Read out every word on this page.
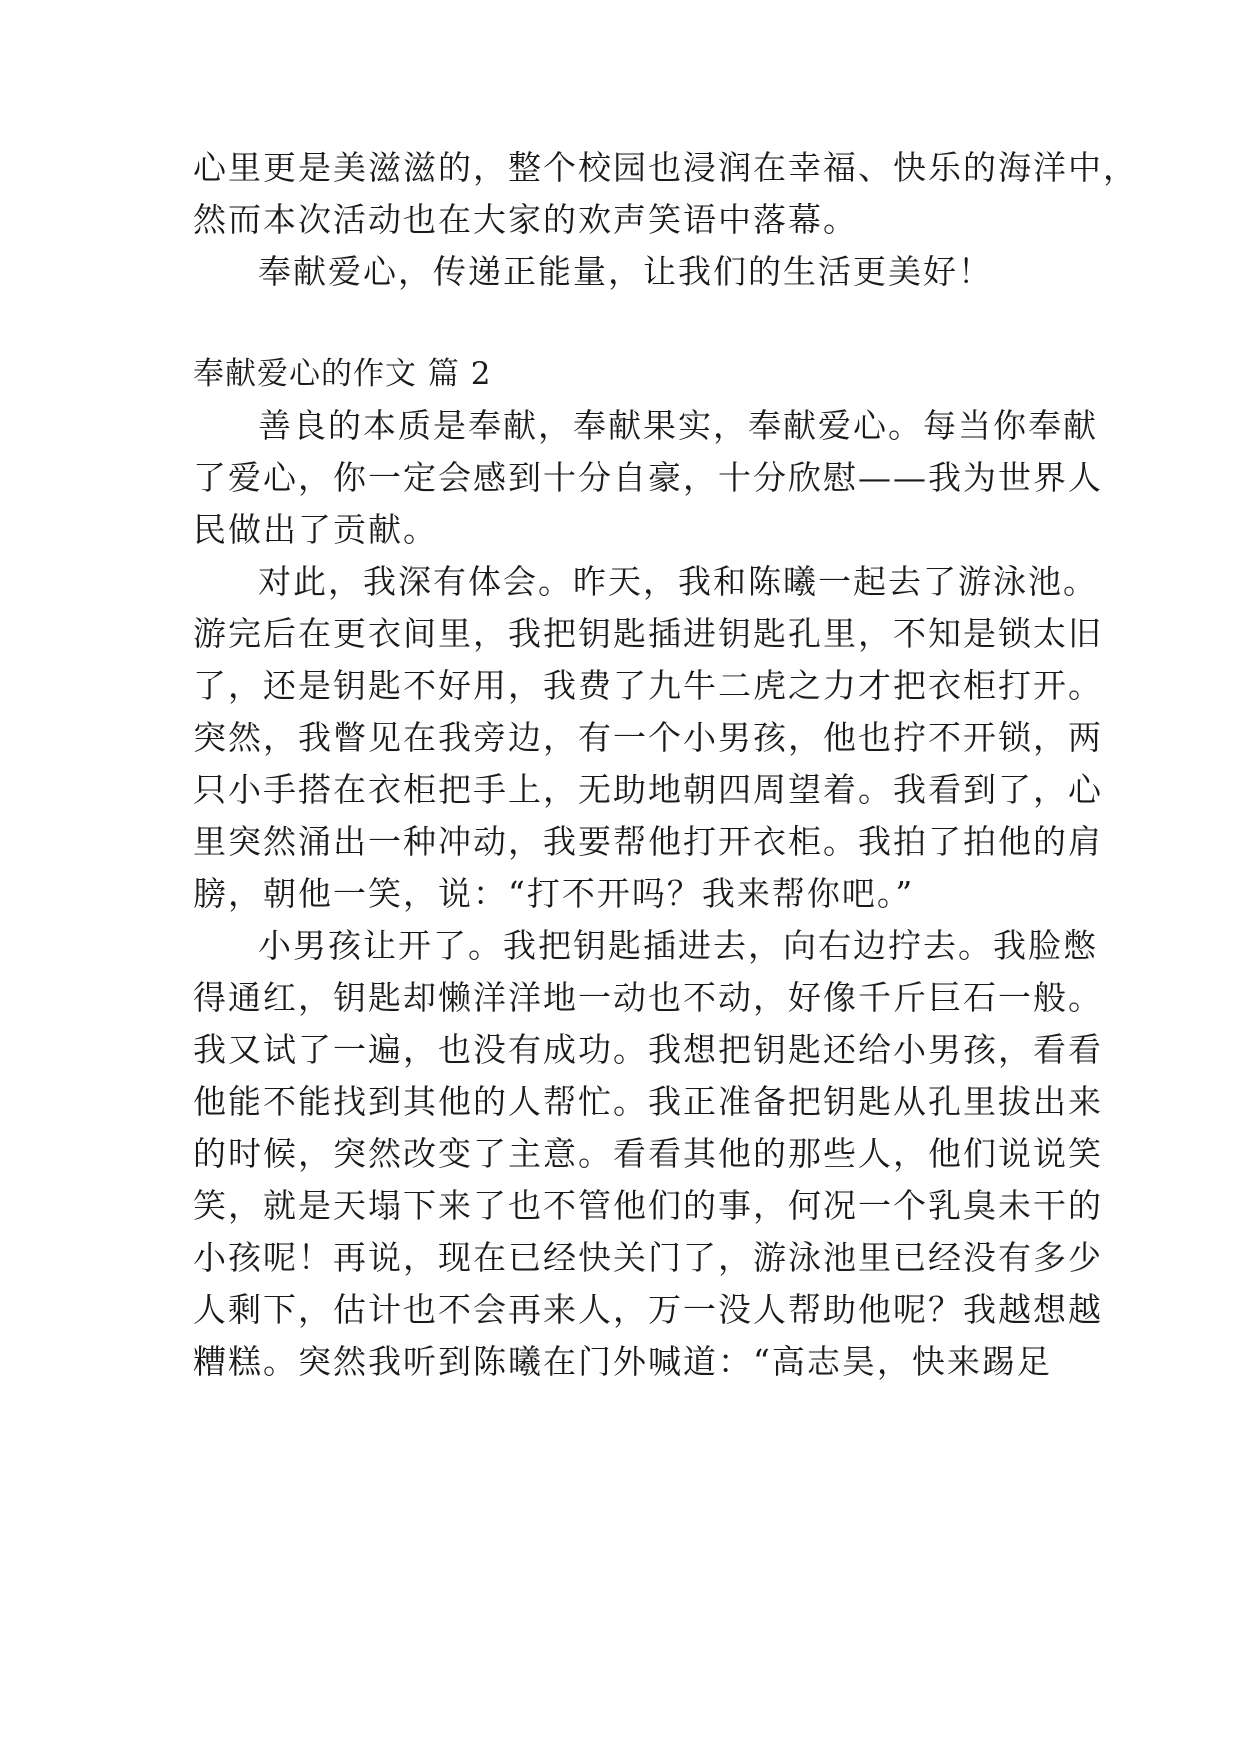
心里更是美滋滋的，整个校园也浸润在幸福、快乐的海洋中，
然而本次活动也在大家的欢声笑语中落幕。
奉献爱心，传递正能量，让我们的生活更美好！
奉献爱心的作文 篇 2
善良的本质是奉献，奉献果实，奉献爱心。每当你奉献
了爱心，你一定会感到十分自豪，十分欣慰——我为世界人
民做出了贡献。
对此，我深有体会。昨天，我和陈曦一起去了游泳池。
游完后在更衣间里，我把钥匙插进钥匙孔里，不知是锁太旧
了，还是钥匙不好用，我费了九牛二虎之力才把衣柜打开。
突然，我瞥见在我旁边，有一个小男孩，他也拧不开锁，两
只小手搭在衣柜把手上，无助地朝四周望着。我看到了，心
里突然涌出一种冲动，我要帮他打开衣柜。我拍了拍他的肩
膀，朝他一笑，说：“打不开吗？我来帮你吧。”
小男孩让开了。我把钥匙插进去，向右边拧去。我脸憋
得通红，钥匙却懒洋洋地一动也不动，好像千斤巨石一般。
我又试了一遍，也没有成功。我想把钥匙还给小男孩，看看
他能不能找到其他的人帮忙。我正准备把钥匙从孔里拔出来
的时候，突然改变了主意。看看其他的那些人，他们说说笑
笑，就是天塌下来了也不管他们的事，何况一个乳臭未干的
小孩呢！再说，现在已经快关门了，游泳池里已经没有多少
人剩下，估计也不会再来人，万一没人帮助他呢？我越想越
糟糕。突然我听到陈曦在门外喊道：“高志昊，快来踢足
